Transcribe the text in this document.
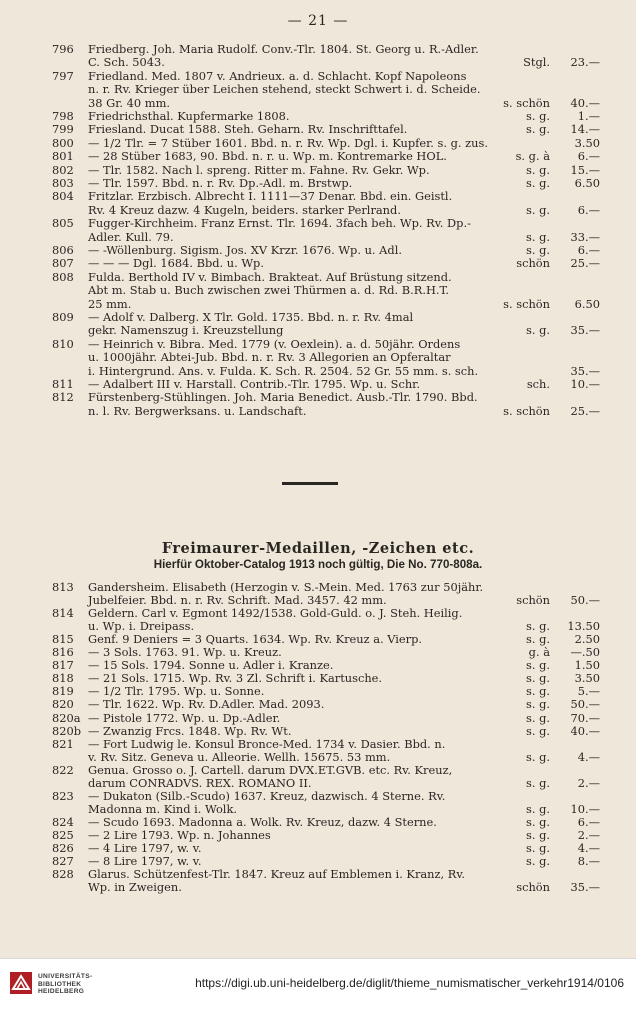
— 21 —
796 Friedberg. Joh. Maria Rudolf. Conv.-Tlr. 1804. St. Georg u. R.-Adler.
C. Sch. 5043.	Stgl.	23.—
797 Friedland. Med. 1807 v. Andrieux. a. d. Schlacht. Kopf Napoleons
n. r. Rv. Krieger über Leichen stehend, steckt Schwert i. d. Scheide.
38 Gr. 40 mm.	s. schön	40.—
798 Friedrichsthal. Kupfermarke 1808.	s. g.	1.—
799 Friesland. Ducat 1588. Steh. Geharn. Rv. Inschrifttafel.	s. g.	14.—
800 — 1/2 Tlr. = 7 Stüber 1601. Bbd. n. r. Rv. Wp. Dgl. i. Kupfer. s. g. zus.	3.50
801 — 28 Stüber 1683, 90. Bbd. n. r. u. Wp. m. Kontremarke HOL.	s. g. à	6.—
802 — Tlr. 1582. Nach l. spreng. Ritter m. Fahne. Rv. Gekr. Wp.	s. g.	15.—
803 — Tlr. 1597. Bbd. n. r. Rv. Dp.-Adl. m. Brstwp.	s. g.	6.50
804 Fritzlar. Erzbisch. Albrecht I. 1111—37 Denar. Bbd. ein. Geistl.
Rv. 4 Kreuz dazw. 4 Kugeln, beiders. starker Perlrand.	s. g.	6.—
805 Fugger-Kirchheim. Franz Ernst. Tlr. 1694. 3fach beh. Wp. Rv. Dp.-
Adler. Kull. 79.	s. g.	33.—
806 — -Wöllenburg. Sigism. Jos. XV Krzr. 1676. Wp. u. Adl.	s. g.	6.—
807 — — — Dgl. 1684. Bbd. u. Wp.	schön	25.—
808 Fulda. Berthold IV v. Bimbach. Brakteat. Auf Brüstung sitzend.
Abt m. Stab u. Buch zwischen zwei Thürmen a. d. Rd. B.R.H.T.
25 mm.	s. schön	6.50
809 — Adolf v. Dalberg. X Tlr. Gold. 1735. Bbd. n. r. Rv. 4mal
gekr. Namenszug i. Kreuzstellung	s. g.	35.—
810 — Heinrich v. Bibra. Med. 1779 (v. Oexlein). a. d. 50jähr. Ordens
u. 1000jähr. Abtei-Jub. Bbd. n. r. Rv. 3 Allegorien an Opferaltar
i. Hintergrund. Ans. v. Fulda. K. Sch. R. 2504. 52 Gr. 55 mm. s. sch.	35.—
811 — Adalbert III v. Harstall. Contrib.-Tlr. 1795. Wp. u. Schr.	sch.	10.—
812 Fürstenberg-Stühlingen. Joh. Maria Benedict. Ausb.-Tlr. 1790. Bbd.
n. l. Rv. Bergwerksans. u. Landschaft.	s. schön	25.—
Freimaurer-Medaillen, -Zeichen etc.
Hierfür Oktober-Catalog 1913 noch gültig, Die No. 770-808a.
813 Gandersheim. Elisabeth (Herzogin v. S.-Mein. Med. 1763 zur 50jähr.
Jubelfeier. Bbd. n. r. Rv. Schrift. Mad. 3457. 42 mm.	schön	50.—
814 Geldern. Carl v. Egmont 1492/1538. Gold-Guld. o. J. Steh. Heilig.
u. Wp. i. Dreipass.	s. g.	13.50
815 Genf. 9 Deniers = 3 Quarts. 1634. Wp. Rv. Kreuz a. Vierp.	s. g.	2.50
816 — 3 Sols. 1763. 91. Wp. u. Kreuz.	g. à	—.50
817 — 15 Sols. 1794. Sonne u. Adler i. Kranze.	s. g.	1.50
818 — 21 Sols. 1715. Wp. Rv. 3 Zl. Schrift i. Kartusche.	s. g.	3.50
819 — 1/2 Tlr. 1795. Wp. u. Sonne.	s. g.	5.—
820 — Tlr. 1622. Wp. Rv. D.Adler. Mad. 2093.	s. g.	50.—
820a — Pistole 1772. Wp. u. Dp.-Adler.	s. g.	70.—
820b — Zwanzig Frcs. 1848. Wp. Rv. Wt.	s. g.	40.—
821 — Fort Ludwig le. Konsul Bronce-Med. 1734 v. Dasier. Bbd. n.
v. Rv. Sitz. Geneva u. Alleorie. Wellh. 15675. 53 mm.	s. g.	4.—
822 Genua. Grosso o. J. Cartell. darum DVX.ET.GVB. etc. Rv. Kreuz,
darum CONRADVS. REX. ROMANO II.	s. g.	2.—
823 — Dukaton (Silb.-Scudo) 1637. Kreuz, dazwisch. 4 Sterne. Rv.
Madonna m. Kind i. Wolk.	s. g.	10.—
824 — Scudo 1693. Madonna a. Wolk. Rv. Kreuz, dazw. 4 Sterne.	s. g.	6.—
825 — 2 Lire 1793. Wp. n. Johannes	s. g.	2.—
826 — 4 Lire 1797, w. v.	s. g.	4.—
827 — 8 Lire 1797, w. v.	s. g.	8.—
828 Glarus. Schützenfest-Tlr. 1847. Kreuz auf Emblemen i. Kranz, Rv.
Wp. in Zweigen.	schön	35.—
UNIVERSITÄTS-
BIBLIOTHEK
HEIDELBERG
https://digi.ub.uni-heidelberg.de/diglit/thieme_numismatischer_verkehr1914/0106
